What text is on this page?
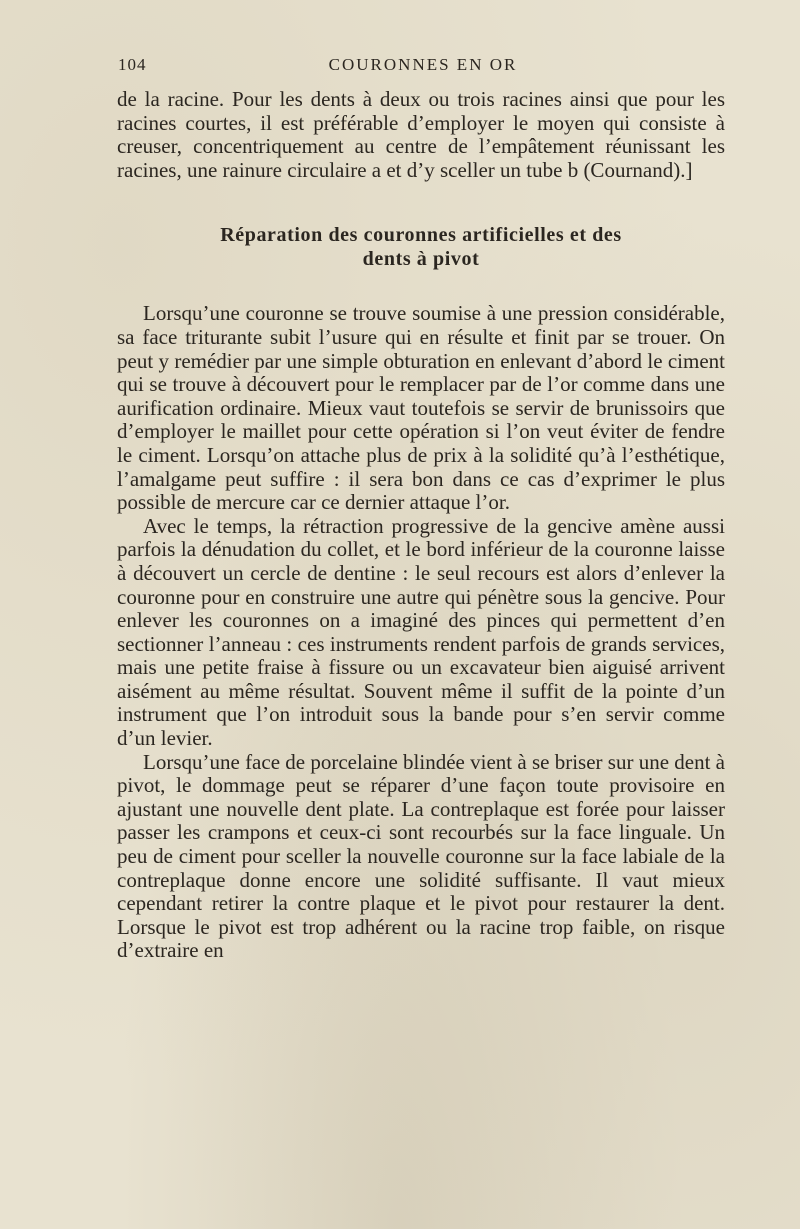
104	COURONNES EN OR

de la racine. Pour les dents à deux ou trois racines ainsi que pour les racines courtes, il est préférable d’employer le moyen qui consiste à creuser, concentriquement au centre de l’empâtement réunissant les racines, une rainure circulaire a et d’y sceller un tube b (Cournand).]

Réparation des couronnes artificielles et des
dents à pivot

Lorsqu’une couronne se trouve soumise à une pression considérable, sa face triturante subit l’usure qui en résulte et finit par se trouer. On peut y remédier par une simple obturation en enlevant d’abord le ciment qui se trouve à découvert pour le remplacer par de l’or comme dans une aurification ordinaire. Mieux vaut toutefois se servir de brunissoirs que d’employer le maillet pour cette opération si l’on veut éviter de fendre le ciment. Lorsqu’on attache plus de prix à la solidité qu’à l’esthétique, l’amalgame peut suffire : il sera bon dans ce cas d’exprimer le plus possible de mercure car ce dernier attaque l’or.

Avec le temps, la rétraction progressive de la gencive amène aussi parfois la dénudation du collet, et le bord inférieur de la couronne laisse à découvert un cercle de dentine : le seul recours est alors d’enlever la couronne pour en construire une autre qui pénètre sous la gencive. Pour enlever les couronnes on a imaginé des pinces qui permettent d’en sectionner l’anneau : ces instruments rendent parfois de grands services, mais une petite fraise à fissure ou un excavateur bien aiguisé arrivent aisément au même résultat. Souvent même il suffit de la pointe d’un instrument que l’on introduit sous la bande pour s’en servir comme d’un levier.

Lorsqu’une face de porcelaine blindée vient à se briser sur une dent à pivot, le dommage peut se réparer d’une façon toute provisoire en ajustant une nouvelle dent plate. La contreplaque est forée pour laisser passer les crampons et ceux-ci sont recourbés sur la face linguale. Un peu de ciment pour sceller la nouvelle couronne sur la face labiale de la contreplaque donne encore une solidité suffisante. Il vaut mieux cependant retirer la contre plaque et le pivot pour restaurer la dent. Lorsque le pivot est trop adhérent ou la racine trop faible, on risque d’extraire en
